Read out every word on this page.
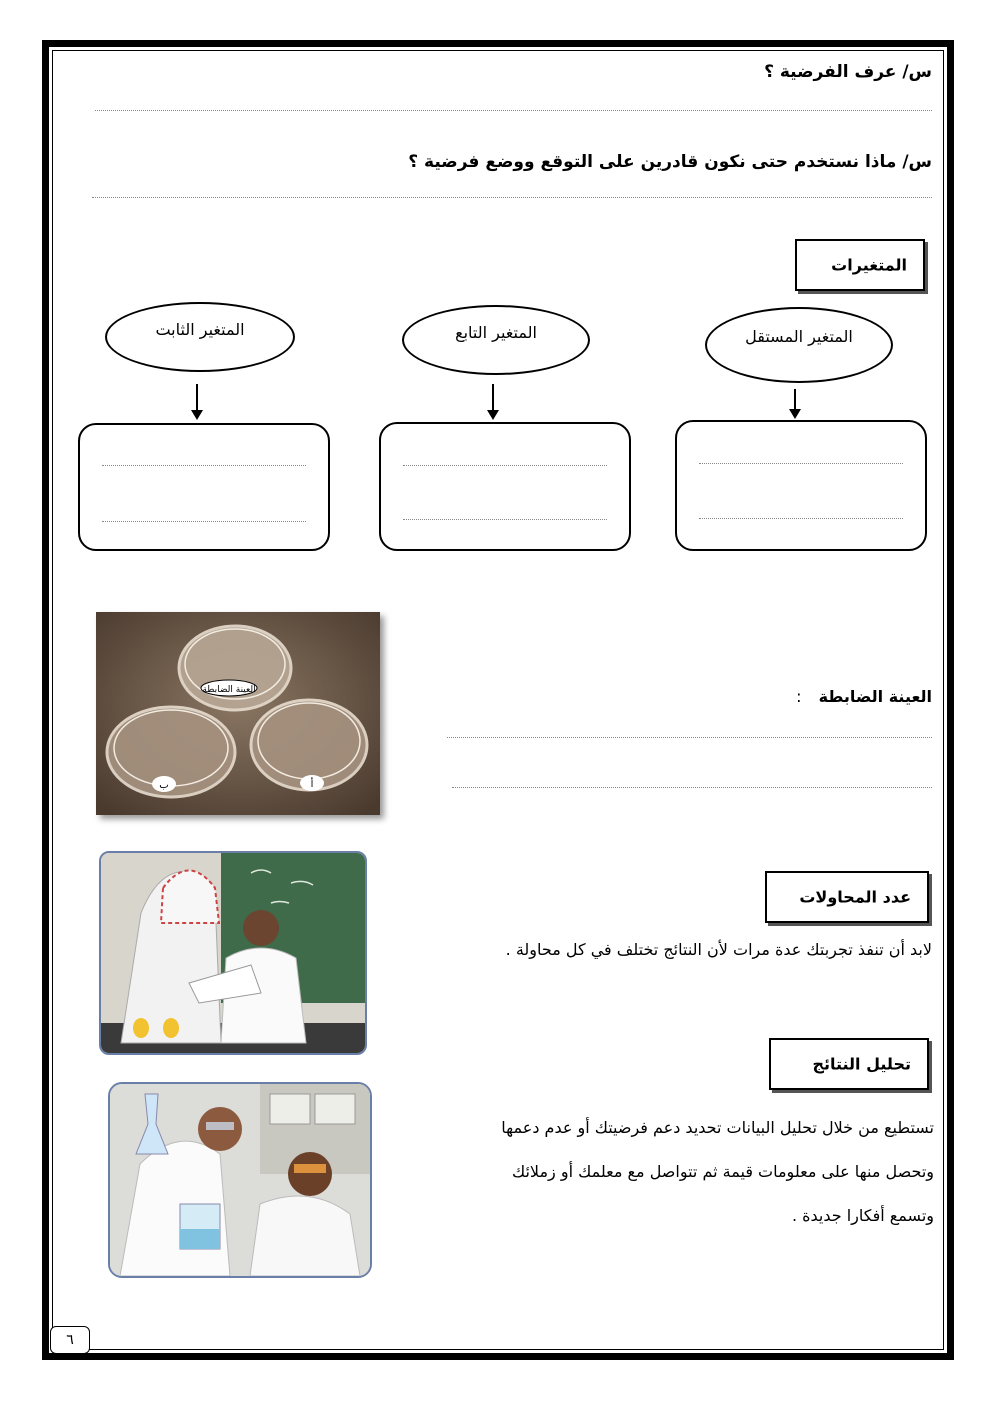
س/ عرف الفرضية ؟
س/ ماذا نستخدم حتى نكون قادرين على التوقع ووضع فرضية ؟
المتغيرات
المتغير الثابت	المتغير التابع	المتغير المستقل
العينة الضابطة
ب	أ
العينة الضابطة :
عدد المحاولات
لابد أن تنفذ تجربتك عدة مرات لأن النتائج تختلف في كل محاولة .
تحليل النتائج
تستطيع من خلال تحليل البيانات تحديد دعم فرضيتك أو عدم دعمها
وتحصل منها على معلومات قيمة ثم تتواصل مع معلمك أو زملائك
وتسمع أفكارا جديدة .
٦
